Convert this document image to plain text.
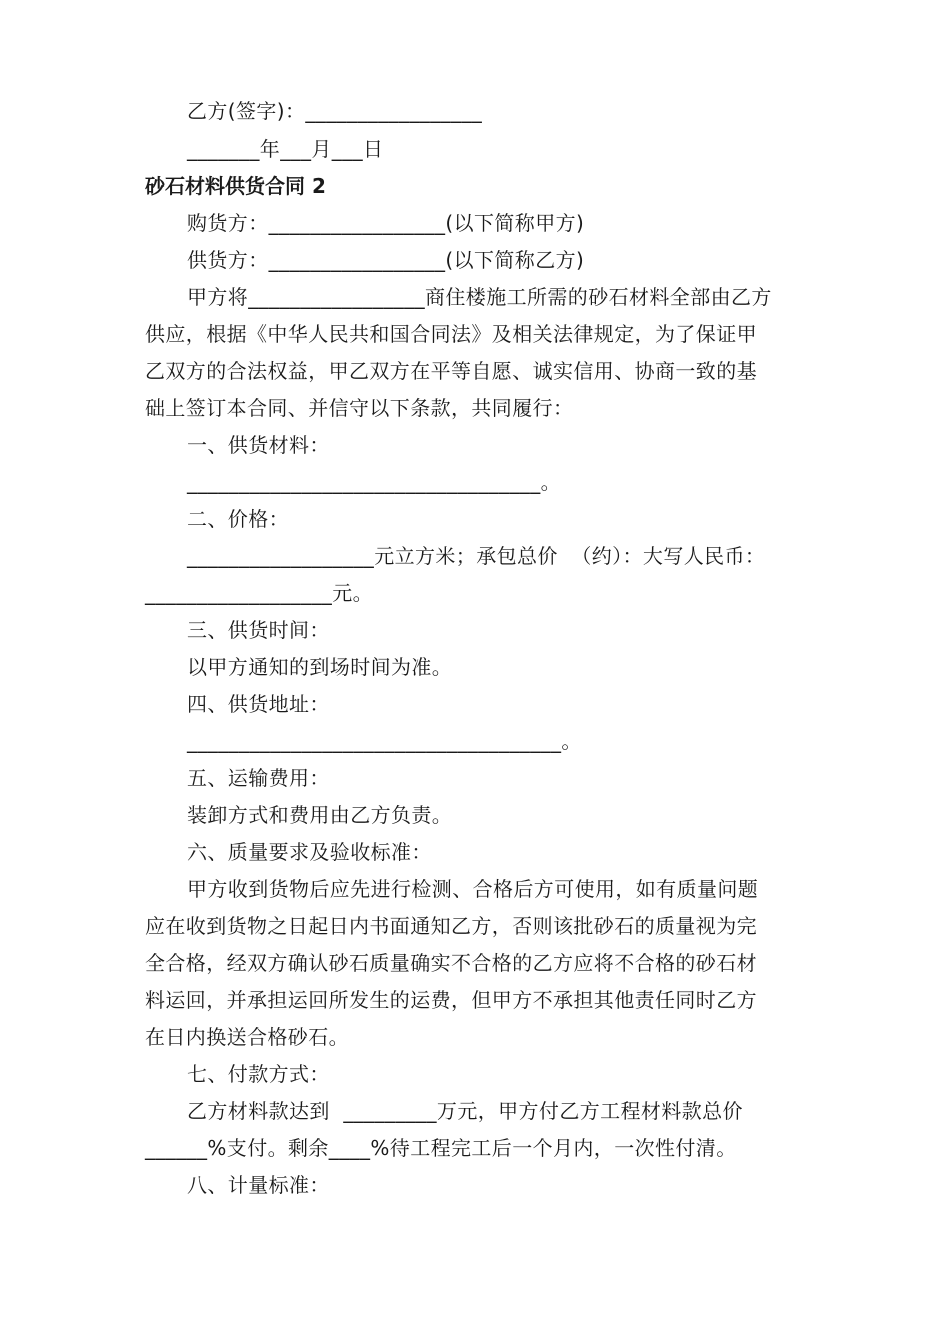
乙方(签字)：_________________
_______年___月___日
砂石材料供货合同 2
购货方：_________________(以下简称甲方)
供货方：_________________(以下简称乙方)
甲方将_________________商住楼施工所需的砂石材料全部由乙方
供应，根据《中华人民共和国合同法》及相关法律规定，为了保证甲
乙双方的合法权益，甲乙双方在平等自愿、诚实信用、协商一致的基
础上签订本合同、并信守以下条款，共同履行：
一、供货材料：
__________________________________。
二、价格：
__________________元立方米；承包总价  （约）：大写人民币：
__________________元。
三、供货时间：
以甲方通知的到场时间为准。
四、供货地址：
____________________________________。
五、运输费用：
装卸方式和费用由乙方负责。
六、质量要求及验收标准：
甲方收到货物后应先进行检测、合格后方可使用，如有质量问题
应在收到货物之日起日内书面通知乙方，否则该批砂石的质量视为完
全合格，经双方确认砂石质量确实不合格的乙方应将不合格的砂石材
料运回，并承担运回所发生的运费，但甲方不承担其他责任同时乙方
在日内换送合格砂石。
七、付款方式：
乙方材料款达到  _________万元，甲方付乙方工程材料款总价
______%支付。剩余____%待工程完工后一个月内，一次性付清。
八、计量标准：
